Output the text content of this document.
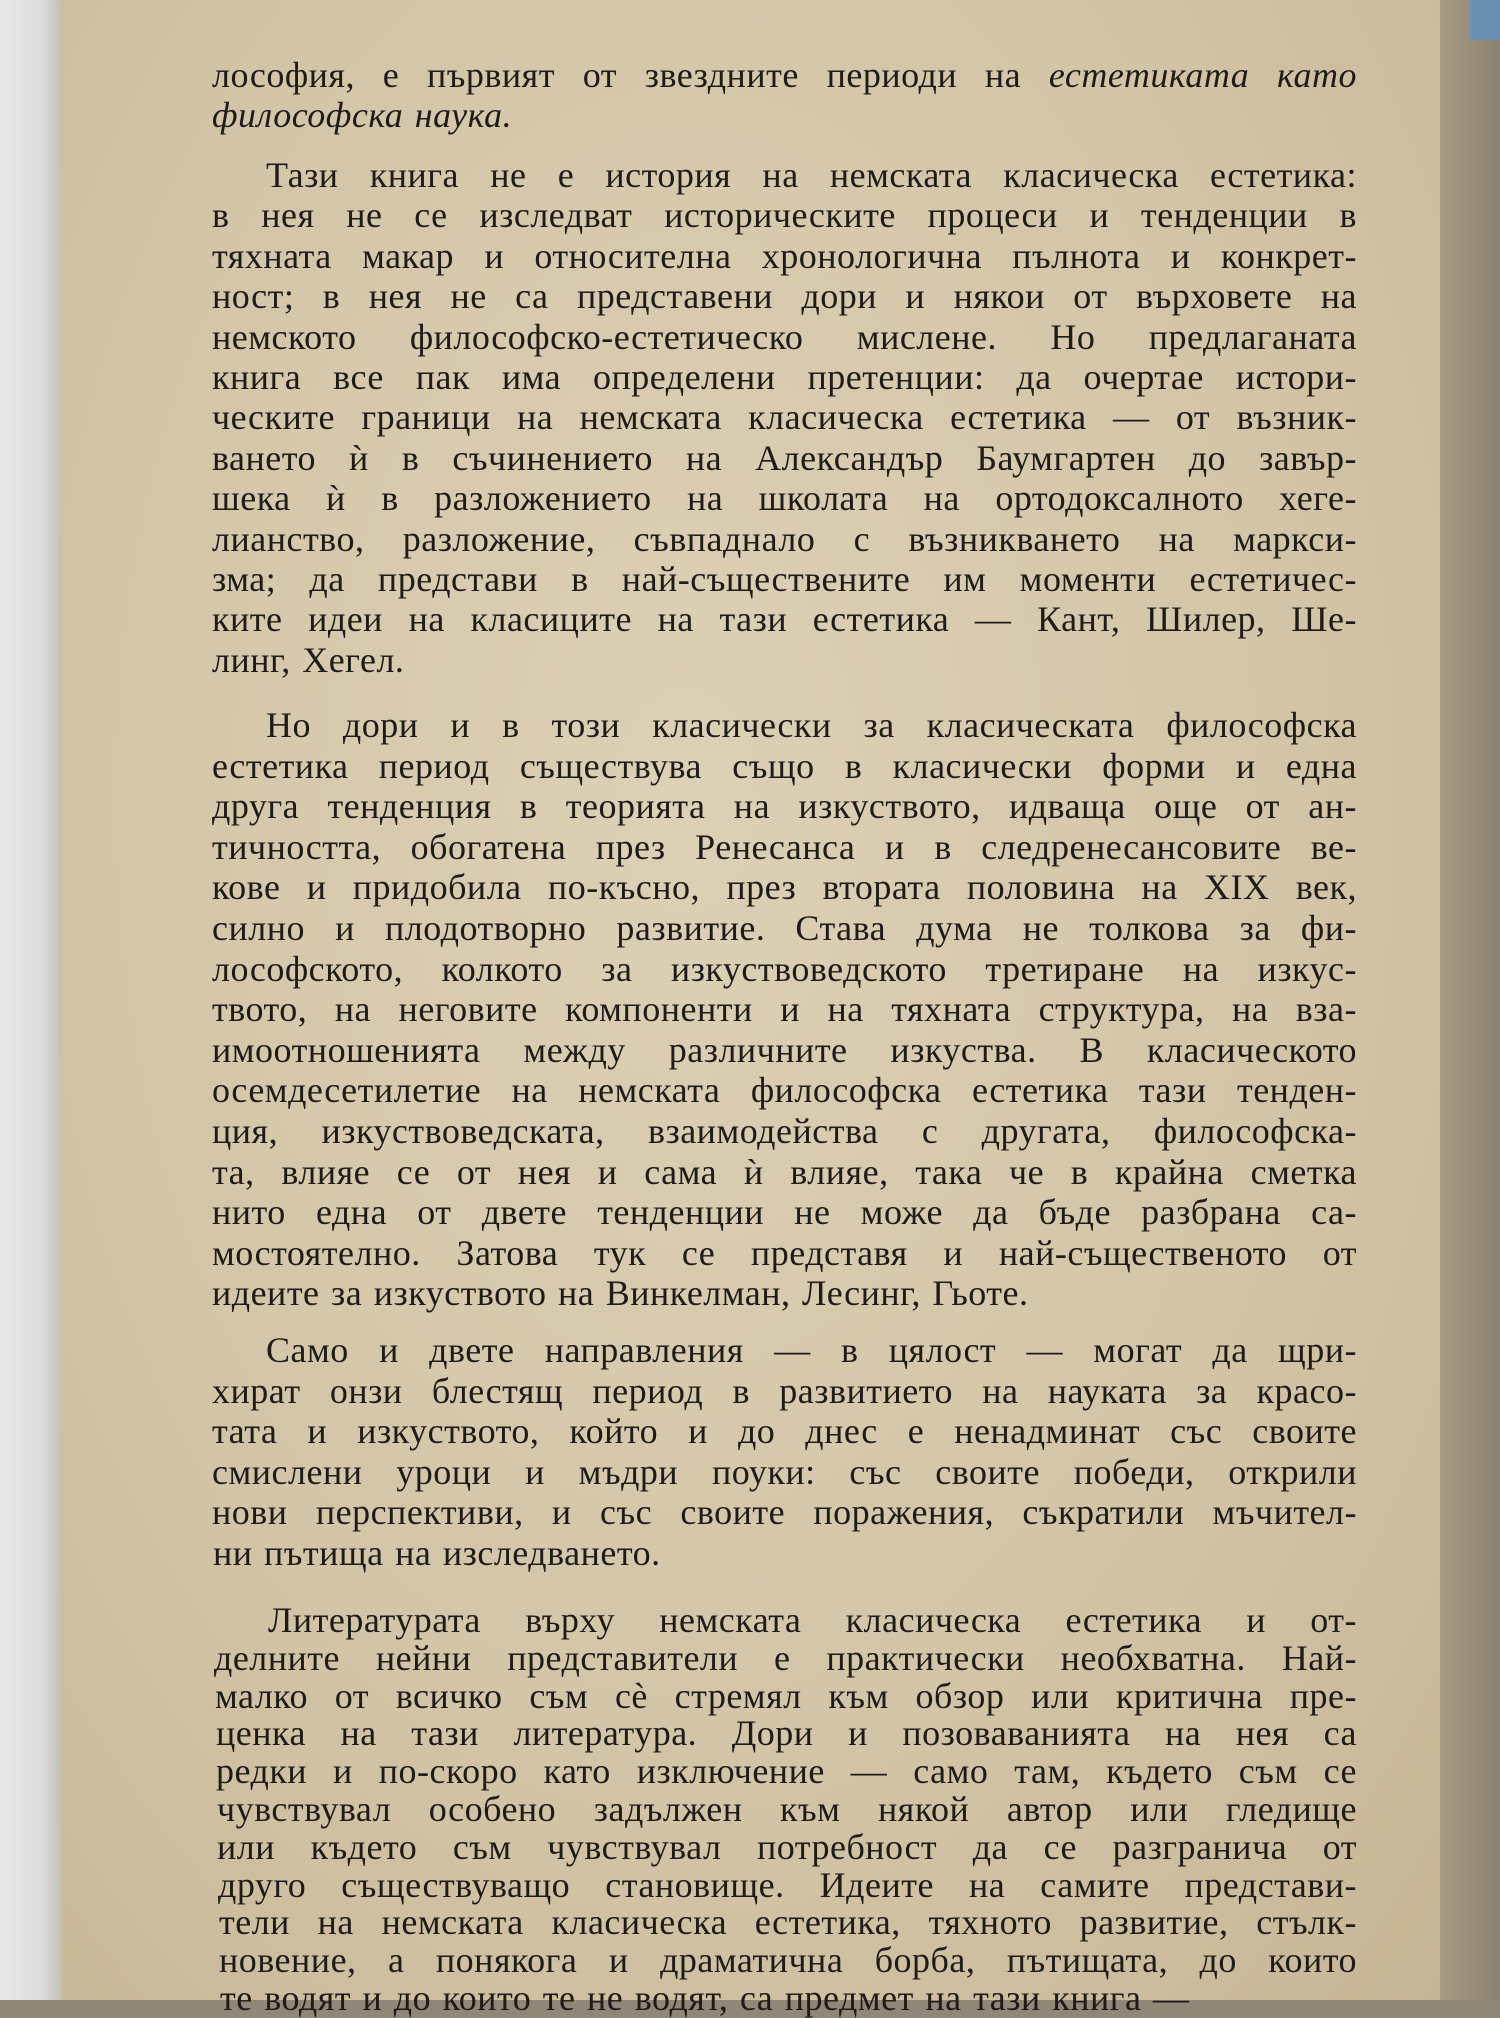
лософия, е първият от звездните периоди на естетиката като
философска наука.
Тази книга не е история на немската класическа естетика:
в нея не се изследват историческите процеси и тенденции в
тяхната макар и относителна хронологична пълнота и конкрет-
ност; в нея не са представени дори и някои от върховете на
немското философско-естетическо мислене. Но предлаганата
книга все пак има определени претенции: да очертае истори-
ческите граници на немската класическа естетика — от възник-
ването ѝ в съчинението на Александър Баумгартен до завър-
шека ѝ в разложението на школата на ортодоксалното хеге-
лианство, разложение, съвпаднало с възникването на маркси-
зма; да представи в най-съществените им моменти естетичес-
ките идеи на класиците на тази естетика — Кант, Шилер, Ше-
линг, Хегел.
Но дори и в този класически за класическата философска
естетика период съществува също в класически форми и една
друга тенденция в теорията на изкуството, идваща още от ан-
тичността, обогатена през Ренесанса и в следренесансовите ве-
кове и придобила по-късно, през втората половина на XIX век,
силно и плодотворно развитие. Става дума не толкова за фи-
лософското, колкото за изкуствоведското третиране на изкус-
твото, на неговите компоненти и на тяхната структура, на вза-
имоотношенията между различните изкуства. В класическото
осемдесетилетие на немската философска естетика тази тенден-
ция, изкуствоведската, взаимодейства с другата, философска-
та, влияе се от нея и сама ѝ влияе, така че в крайна сметка
нито една от двете тенденции не може да бъде разбрана са-
мостоятелно. Затова тук се представя и най-същественото от
идеите за изкуството на Винкелман, Лесинг, Гьоте.
Само и двете направления — в цялост — могат да щри-
хират онзи блестящ период в развитието на науката за красо-
тата и изкуството, който и до днес е ненадминат със своите
смислени уроци и мъдри поуки: със своите победи, открили
нови перспективи, и със своите поражения, съкратили мъчител-
ни пътища на изследването.
Литературата върху немската класическа естетика и от-
делните нейни представители е практически необхватна. Най-
малко от всичко съм сѐ стремял към обзор или критична пре-
ценка на тази литература. Дори и позоваванията на нея са
редки и по-скоро като изключение — само там, където съм се
чувствувал особено задължен към някой автор или гледище
или където съм чувствувал потребност да се разгранича от
друго съществуващо становище. Идеите на самите представи-
тели на немската класическа естетика, тяхното развитие, стълк-
новение, а понякога и драматична борба, пътищата, до които
те водят и до които те не водят, са предмет на тази книга —
